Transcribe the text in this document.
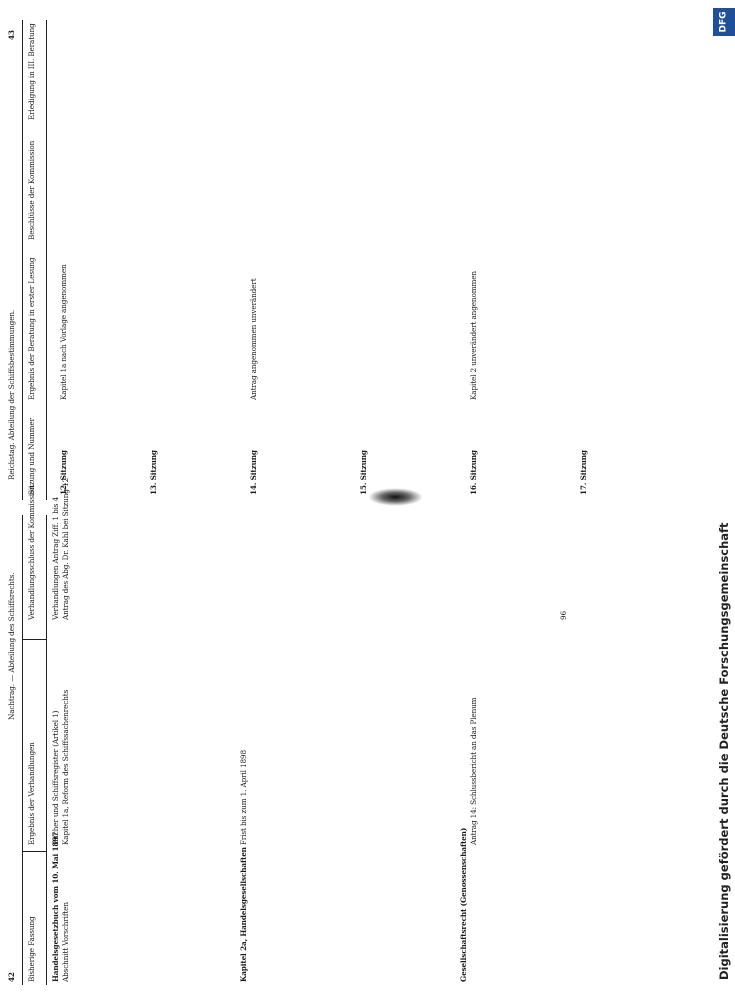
42
Nachtrag. — Abteilung des Schiffsrechts.
Bisherige Fassung
Ergebnis der Verhandlungen
Verhandlungsschluss der Kommission
Handelsgesetzbuch vom 10. Mai 1897 Abschnitt Vorschriften
Bücher und Schiffsregister (Artikel 1) Kapitel 1a, Reform des Schiffssachenrechts
Verhandlungen Antrag Ziff. 1 bis 4 Antrag des Abg. Dr. Kahl bei Sitzung 12
Kapitel 2a, Handelsgesellschaften
Frist bis zum 1. April 1898
Gesellschaftsrecht (Genossenschaften)
Antrag 14: Schlussbericht an das Plenum
96
43
Reichstag. Abteilung der Schiffsbestimmungen. Sitzung und Nummer
Ergebnis der Beratung in erster Lesung
Beschlüsse der Kommission
Erledigung in III. Beratung
12. Sitzung
Kapitel 1a nach Vorlage angenommen
13. Sitzung	14. Sitzung
Antrag angenommen unverändert
15. Sitzung	16. Sitzung
Kapitel 2 unverändert angenommen
17. Sitzung
DFG
Digitalisierung gefördert durch die Deutsche Forschungsgemeinschaft
